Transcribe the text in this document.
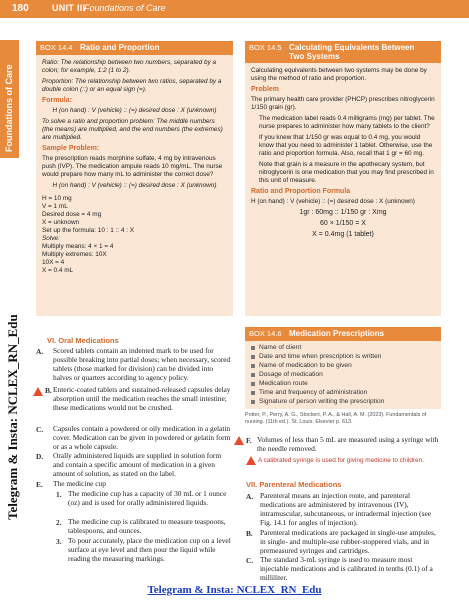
180	UNIT III
Foundations of Care
Foundations of Care
Telegram & Insta: NCLEX_RN_Edu
BOX 14.4 Ratio and Proportion

Ratio: The relationship between two numbers, separated by a colon; for example, 1:2 (1 to 2).

Proportion: The relationship between two ratios, separated by a double colon (::) or an equal sign (=).

Formula:

H (on hand) : V (vehicle) :: (=) desired dose : X (unknown)

To solve a ratio and proportion problem: The middle numbers (the means) are multiplied, and the end numbers (the extremes) are multiplied.

Sample Problem:

The prescription reads morphine sulfate, 4 mg by intravenous push (IVP). The medication ampule reads 10 mg/mL. The nurse would prepare how many mL to administer the correct dose?

H (on hand) : V (vehicle) :: (=) desired dose : X (unknown)

H = 10 mg
V = 1 mL
Desired dose = 4 mg
X = unknown
Set up the formula: 10 : 1 :: 4 : X
Solve:
Multiply means: 4 × 1 = 4
Multiply extremes: 10X
10X = 4
X = 0.4 mL
BOX 14.5 Calculating Equivalents Between Two Systems

Calculating equivalents between two systems may be done by using the method of ratio and proportion.

Problem

The primary health care provider (PHCP) prescribes nitroglycerin 1/150 grain (gr).

The medication label reads 0.4 milligrams (mg) per tablet. The nurse prepares to administer how many tablets to the client?

If you knew that 1/150 gr was equal to 0.4 mg, you would know that you need to administer 1 tablet. Otherwise, use the ratio and proportion formula. Also, recall that 1 gr = 60 mg.

Note that grain is a measure in the apothecary system, but nitroglycerin is one medication that you may find prescribed in this unit of measure.

Ratio and Proportion Formula

H (on hand) : V (vehicle) :: (=) desired dose : X (unknown)

1gr : 60mg :: 1/150 gr : Xmg

60 × 1/150 = X

X = 0.4mg (1 tablet)

BOX 14.6 Medication Prescriptions
Name of client
Date and time when prescription is written
Name of medication to be given
Dosage of medication
Medication route
Time and frequency of administration
Signature of person writing the prescription
Potter, P., Perry, A. G., Stockert, P. A., & Hall, A. M. (2023). Fundamentals of nursing. (11th ed.). St. Louis: Elsevier p. 613.
VI. Oral Medications
A. Scored tablets contain an indented mark to be used for possible breaking into partial doses; when necessary, scored tablets (those marked for division) can be divided into halves or quarters according to agency policy.
B. Enteric-coated tablets and sustained-released capsules delay absorption until the medication reaches the small intestine; these medications would not be crushed.
C. Capsules contain a powdered or oily medication in a gelatin cover. Medication can be given in powdered or gelatin form or as a whole capsule.
D. Orally administered liquids are supplied in solution form and contain a specific amount of medication in a given amount of solution, as stated on the label.
E. The medicine cup
1. The medicine cup has a capacity of 30 mL or 1 ounce (oz) and is used for orally administered liquids.
2. The medicine cup is calibrated to measure teaspoons, tablespoons, and ounces.
3. To pour accurately, place the medication cup on a level surface at eye level and then pour the liquid while reading the measuring markings.
F. Volumes of less than 5 mL are measured using a syringe with the needle removed.
A calibrated syringe is used for giving medicine to children.
VII. Parenteral Medications
A. Parenteral means an injection route, and parenteral medications are administered by intravenous (IV), intramuscular, subcutaneous, or intradermal injection (see Fig. 14.1 for angles of injection).
B. Parenteral medications are packaged in single-use ampules, in single- and multiple-use rubber-stoppered vials, and in premeasured syringes and cartridges.
C. The standard 3-mL syringe is used to measure most injectable medications and is calibrated in tenths (0.1) of a milliliter.
Telegram & Insta: NCLEX_RN_Edu
